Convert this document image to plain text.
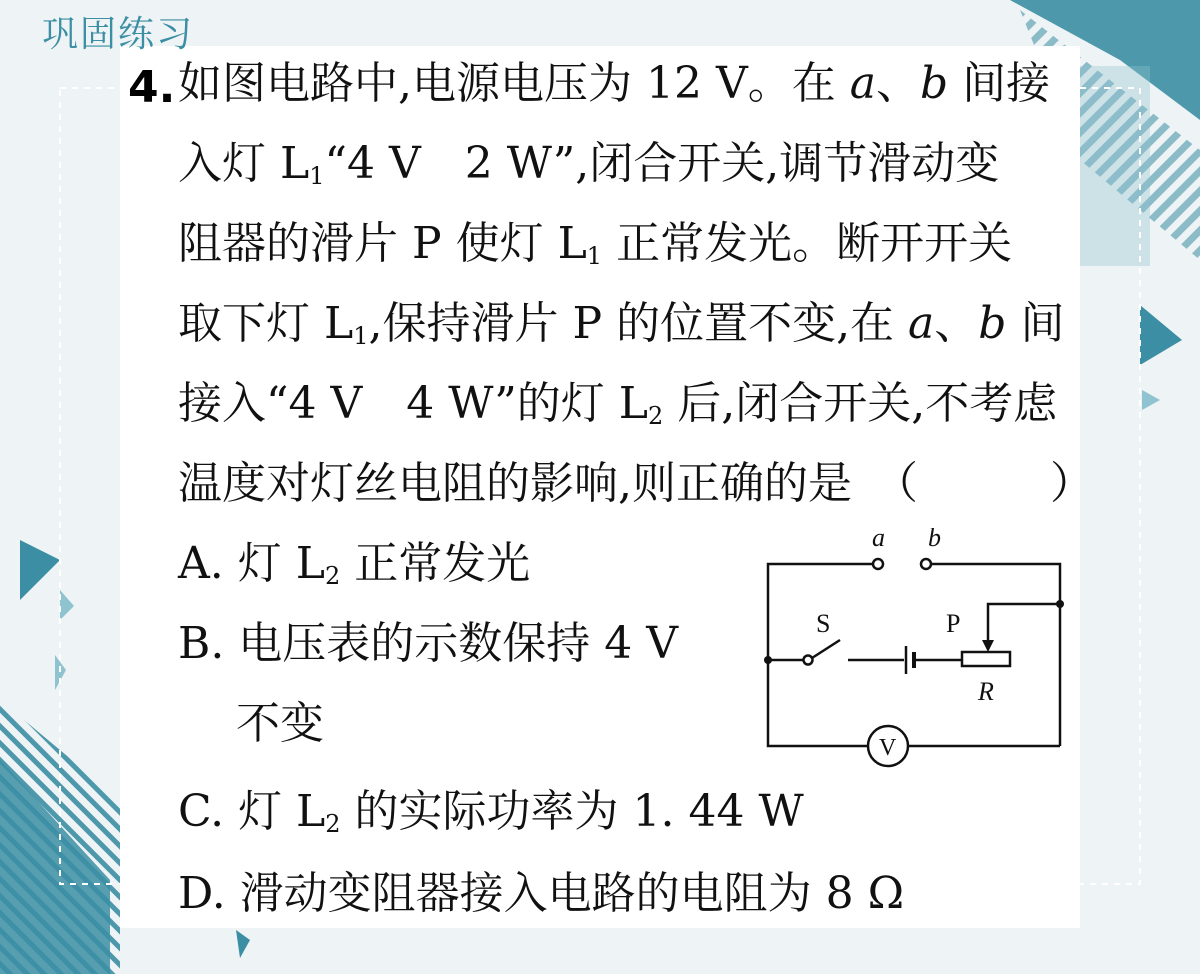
巩固练习
4. 如图电路中,电源电压为 12 V。在 a、b 间接
入灯 $L_1“4$ V　2 W”,闭合开关,调节滑动变
阻器的滑片 P 使灯 $L_1$ 正常发光。断开开关
取下灯 $L_1$,保持滑片 P 的位置不变,在 a、b 间
接入“4 V　4 W”的灯 $L_2$ 后,闭合开关,不考虑
温度对灯丝电阻的影响,则正确的是　（　　　）
A. 灯 $L_2$ 正常发光
B. 电压表的示数保持 4 V
不变
C. 灯 $L_2$ 的实际功率为 1. 44 W
D. 滑动变阻器接入电路的电阻为 8 Ω
a b
S	P
R
V
